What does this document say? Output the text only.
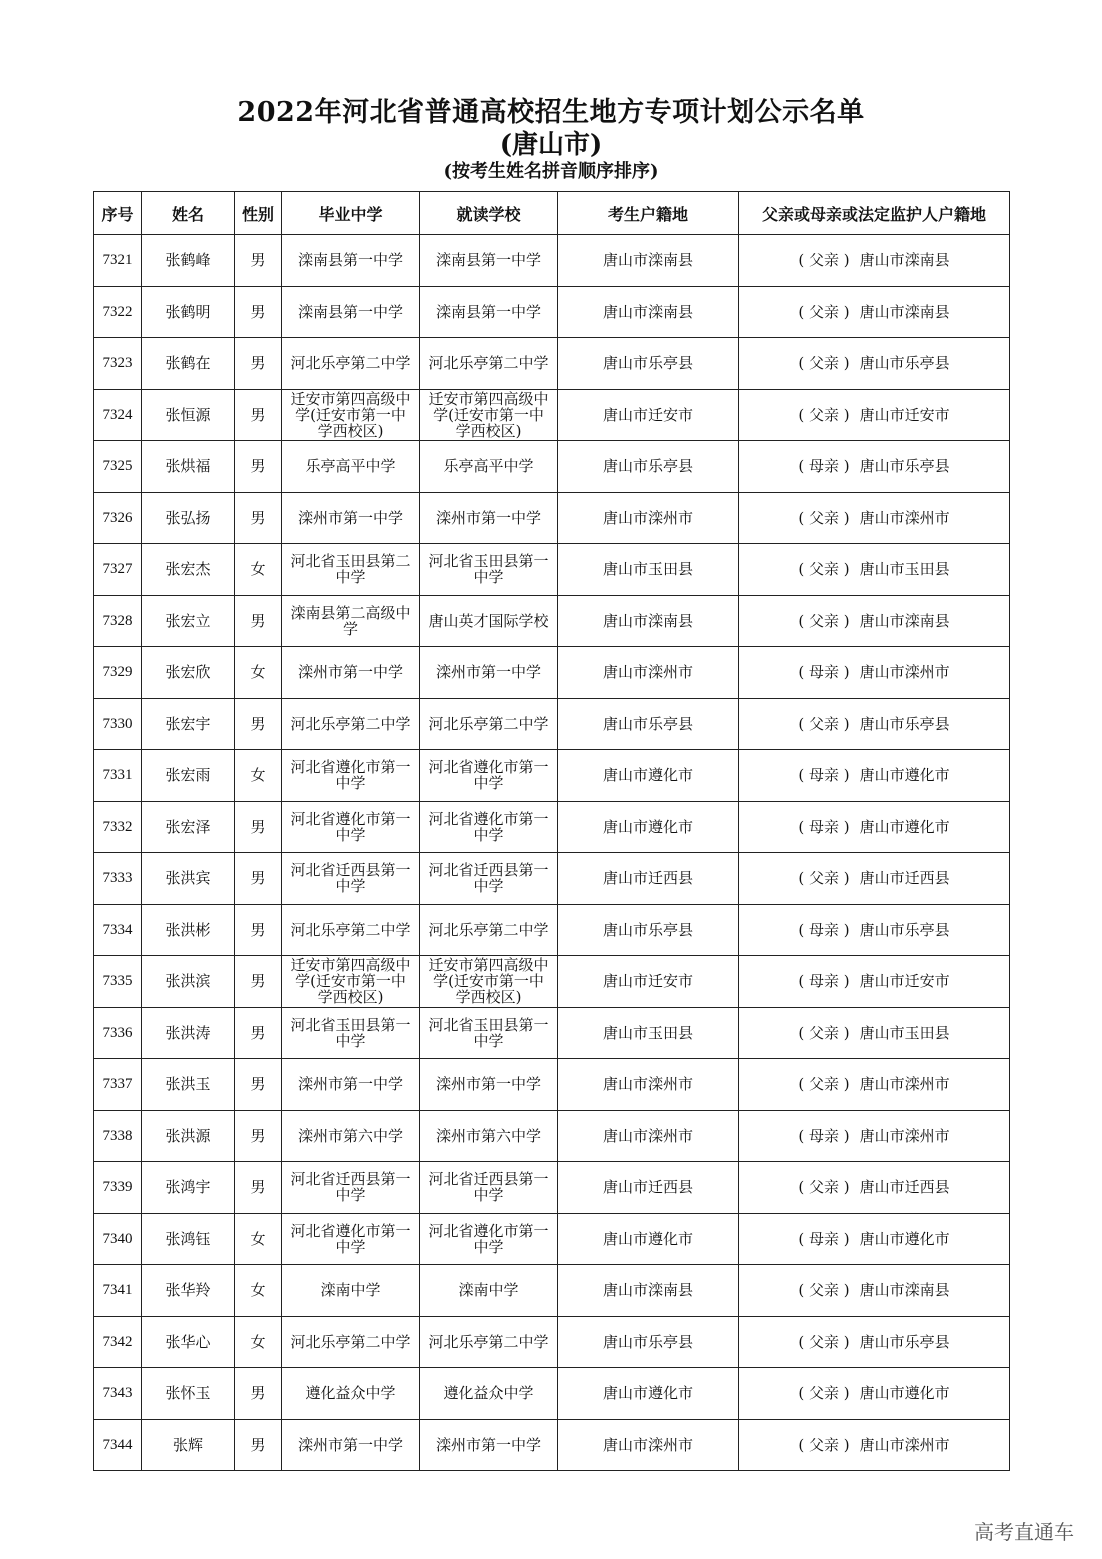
2022年河北省普通高校招生地方专项计划公示名单
(唐山市)
(按考生姓名拼音顺序排序)
序号	姓名	性别	毕业中学	就读学校	考生户籍地	父亲或母亲或法定监护人户籍地
7321	张鹤峰	男	滦南县第一中学	滦南县第一中学	唐山市滦南县	( 父亲 ) 唐山市滦南县
7322	张鹤明	男	滦南县第一中学	滦南县第一中学	唐山市滦南县	( 父亲 ) 唐山市滦南县
7323	张鹤在	男	河北乐亭第二中学	河北乐亭第二中学	唐山市乐亭县	( 父亲 ) 唐山市乐亭县
7324	张恒源	男	迁安市第四高级中学(迁安市第一中学西校区)	迁安市第四高级中学(迁安市第一中学西校区)	唐山市迁安市	( 父亲 ) 唐山市迁安市
7325	张烘福	男	乐亭高平中学	乐亭高平中学	唐山市乐亭县	( 母亲 ) 唐山市乐亭县
7326	张弘扬	男	滦州市第一中学	滦州市第一中学	唐山市滦州市	( 父亲 ) 唐山市滦州市
7327	张宏杰	女	河北省玉田县第二中学	河北省玉田县第一中学	唐山市玉田县	( 父亲 ) 唐山市玉田县
7328	张宏立	男	滦南县第二高级中学	唐山英才国际学校	唐山市滦南县	( 父亲 ) 唐山市滦南县
7329	张宏欣	女	滦州市第一中学	滦州市第一中学	唐山市滦州市	( 母亲 ) 唐山市滦州市
7330	张宏宇	男	河北乐亭第二中学	河北乐亭第二中学	唐山市乐亭县	( 父亲 ) 唐山市乐亭县
7331	张宏雨	女	河北省遵化市第一中学	河北省遵化市第一中学	唐山市遵化市	( 母亲 ) 唐山市遵化市
7332	张宏泽	男	河北省遵化市第一中学	河北省遵化市第一中学	唐山市遵化市	( 母亲 ) 唐山市遵化市
7333	张洪宾	男	河北省迁西县第一中学	河北省迁西县第一中学	唐山市迁西县	( 父亲 ) 唐山市迁西县
7334	张洪彬	男	河北乐亭第二中学	河北乐亭第二中学	唐山市乐亭县	( 母亲 ) 唐山市乐亭县
7335	张洪滨	男	迁安市第四高级中学(迁安市第一中学西校区)	迁安市第四高级中学(迁安市第一中学西校区)	唐山市迁安市	( 母亲 ) 唐山市迁安市
7336	张洪涛	男	河北省玉田县第一中学	河北省玉田县第一中学	唐山市玉田县	( 父亲 ) 唐山市玉田县
7337	张洪玉	男	滦州市第一中学	滦州市第一中学	唐山市滦州市	( 父亲 ) 唐山市滦州市
7338	张洪源	男	滦州市第六中学	滦州市第六中学	唐山市滦州市	( 母亲 ) 唐山市滦州市
7339	张鸿宇	男	河北省迁西县第一中学	河北省迁西县第一中学	唐山市迁西县	( 父亲 ) 唐山市迁西县
7340	张鸿钰	女	河北省遵化市第一中学	河北省遵化市第一中学	唐山市遵化市	( 母亲 ) 唐山市遵化市
7341	张华羚	女	滦南中学	滦南中学	唐山市滦南县	( 父亲 ) 唐山市滦南县
7342	张华心	女	河北乐亭第二中学	河北乐亭第二中学	唐山市乐亭县	( 父亲 ) 唐山市乐亭县
7343	张怀玉	男	遵化益众中学	遵化益众中学	唐山市遵化市	( 父亲 ) 唐山市遵化市
7344	张辉	男	滦州市第一中学	滦州市第一中学	唐山市滦州市	( 父亲 ) 唐山市滦州市
高考直通车
